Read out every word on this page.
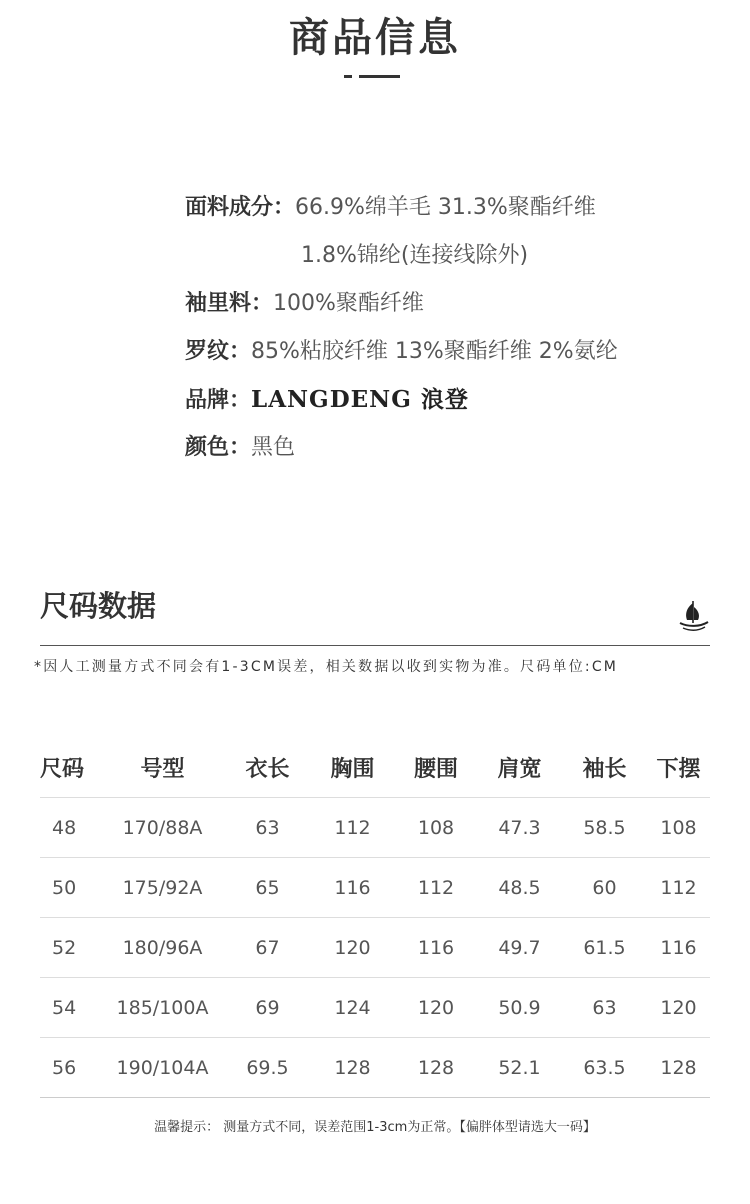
商品信息
面料成分：66.9%绵羊毛 31.3%聚酯纤维
1.8%锦纶(连接线除外)
袖里料：100%聚酯纤维
罗纹：85%粘胶纤维 13%聚酯纤维 2%氨纶
品牌：LANGDENG 浪登
颜色：黑色
尺码数据
*因人工测量方式不同会有1-3CM误差，相关数据以收到实物为准。尺码单位:CM
尺码	号型	衣长	胸围	腰围	肩宽	袖长	下摆
48	170/88A	63	112	108	47.3	58.5	108
50	175/92A	65	116	112	48.5	60	112
52	180/96A	67	120	116	49.7	61.5	116
54	185/100A	69	124	120	50.9	63	120
56	190/104A	69.5	128	128	52.1	63.5	128
温馨提示： 测量方式不同，误差范围1-3cm为正常。【偏胖体型请选大一码】
